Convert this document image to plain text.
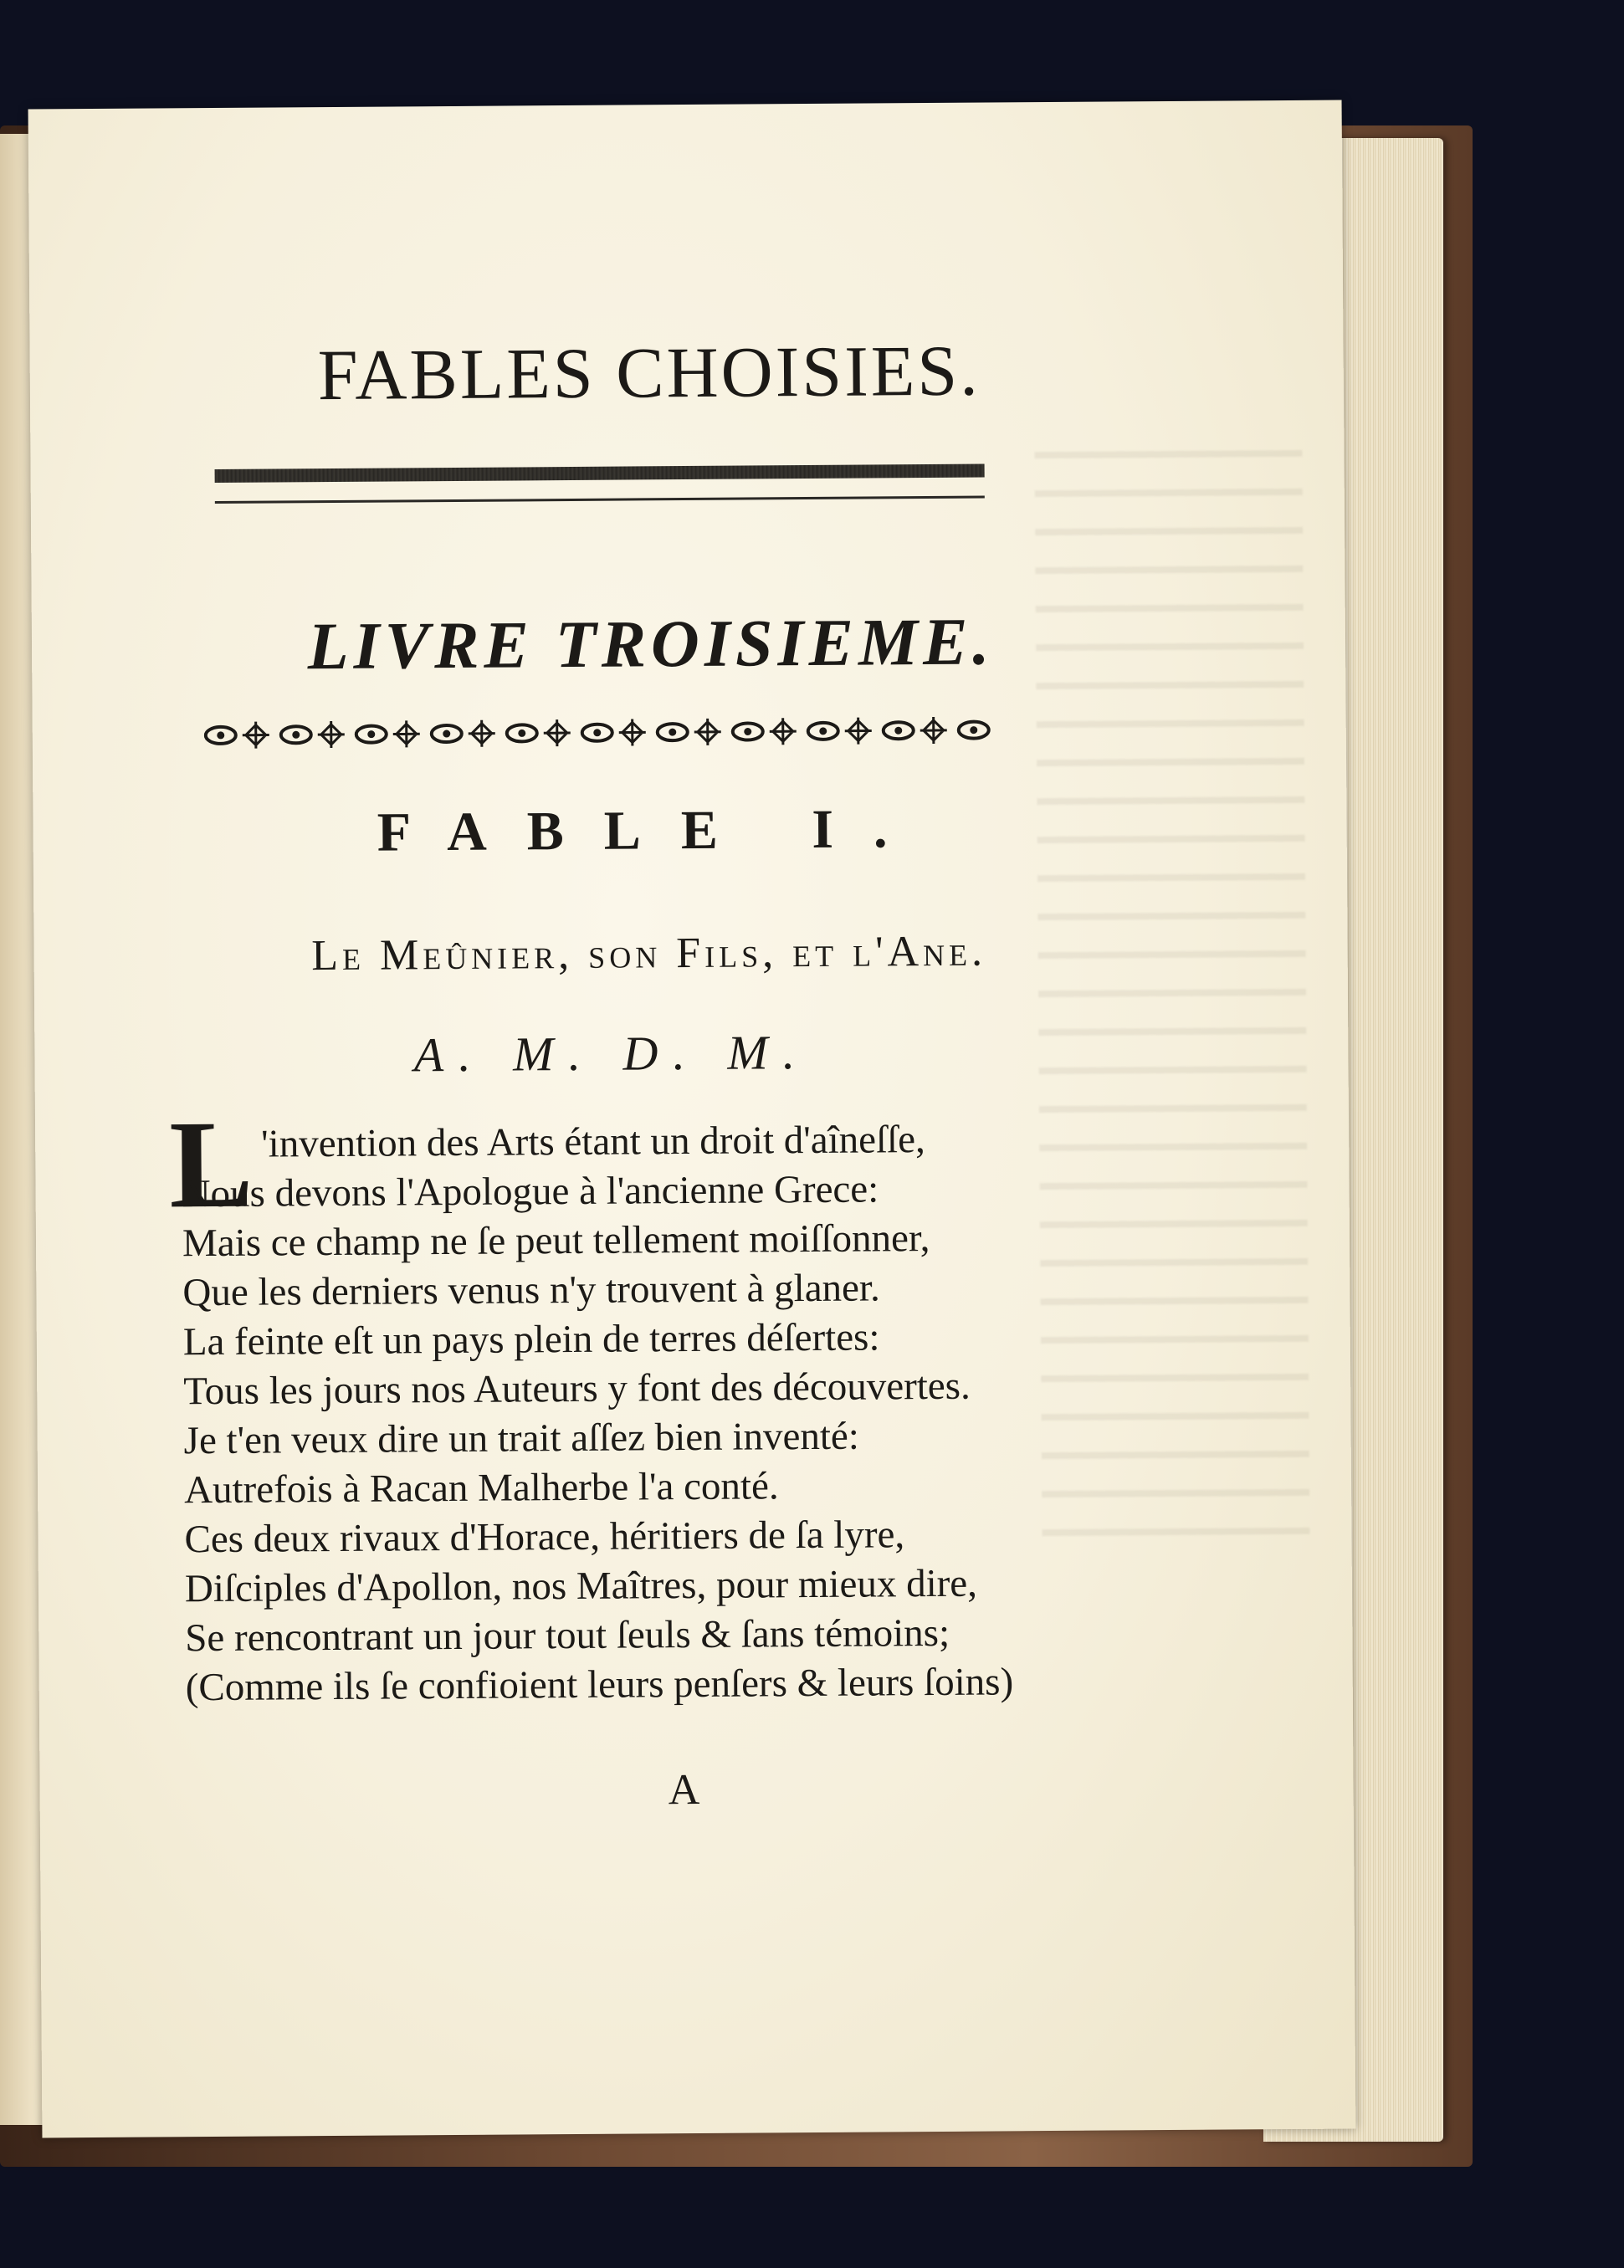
FABLES CHOISIES.
LIVRE TROISIEME.
FABLE I.
Le Meûnier, son Fils, et l'Ane.
A. M. D. M.
L 'invention des Arts étant un droit d'aîneſſe,
Nous devons l'Apologue à l'ancienne Grece:
Mais ce champ ne ſe peut tellement moiſſonner,
Que les derniers venus n'y trouvent à glaner.
La feinte eſt un pays plein de terres déſertes:
Tous les jours nos Auteurs y font des découvertes.
Je t'en veux dire un trait aſſez bien inventé:
Autrefois à Racan Malherbe l'a conté.
Ces deux rivaux d'Horace, héritiers de ſa lyre,
Diſciples d'Apollon, nos Maîtres, pour mieux dire,
Se rencontrant un jour tout ſeuls & ſans témoins;
(Comme ils ſe confioient leurs penſers & leurs ſoins)
A
